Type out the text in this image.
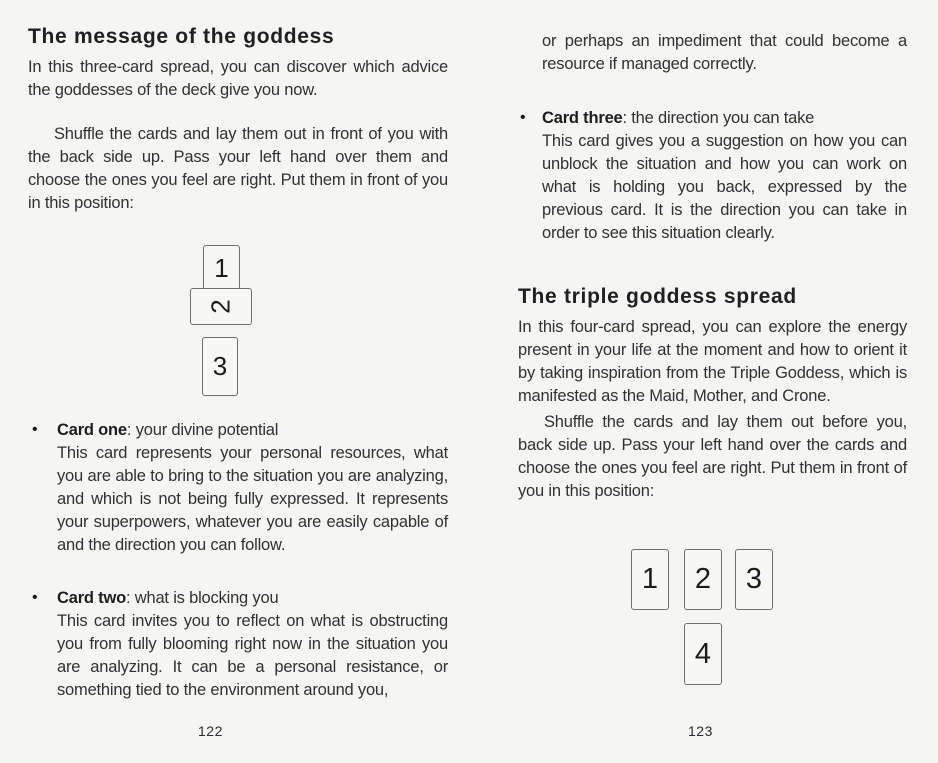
The message of the goddess

In this three-card spread, you can discover which advice the goddesses of the deck give you now.

Shuffle the cards and lay them out in front of you with the back side up. Pass your left hand over them and choose the ones you feel are right. Put them in front of you in this position:

1
2
3
• Card one: your divine potential
This card represents your personal resources, what you are able to bring to the situation you are analyzing, and which is not being fully expressed. It represents your superpowers, whatever you are easily capable of and the direction you can follow.
• Card two: what is blocking you
This card invites you to reflect on what is obstructing you from fully blooming right now in the situation you are analyzing. It can be a personal resistance, or something tied to the environment around you,

or perhaps an impediment that could become a resource if managed correctly.

• Card three: the direction you can take
This card gives you a suggestion on how you can unblock the situation and how you can work on what is holding you back, expressed by the previous card. It is the direction you can take in order to see this situation clearly.
The triple goddess spread

In this four-card spread, you can explore the energy present in your life at the moment and how to orient it by taking inspiration from the Triple Goddess, which is manifested as the Maid, Mother, and Crone.

Shuffle the cards and lay them out before you, back side up. Pass your left hand over the cards and choose the ones you feel are right. Put them in front of you in this position:

1 2 3
4
122	123
